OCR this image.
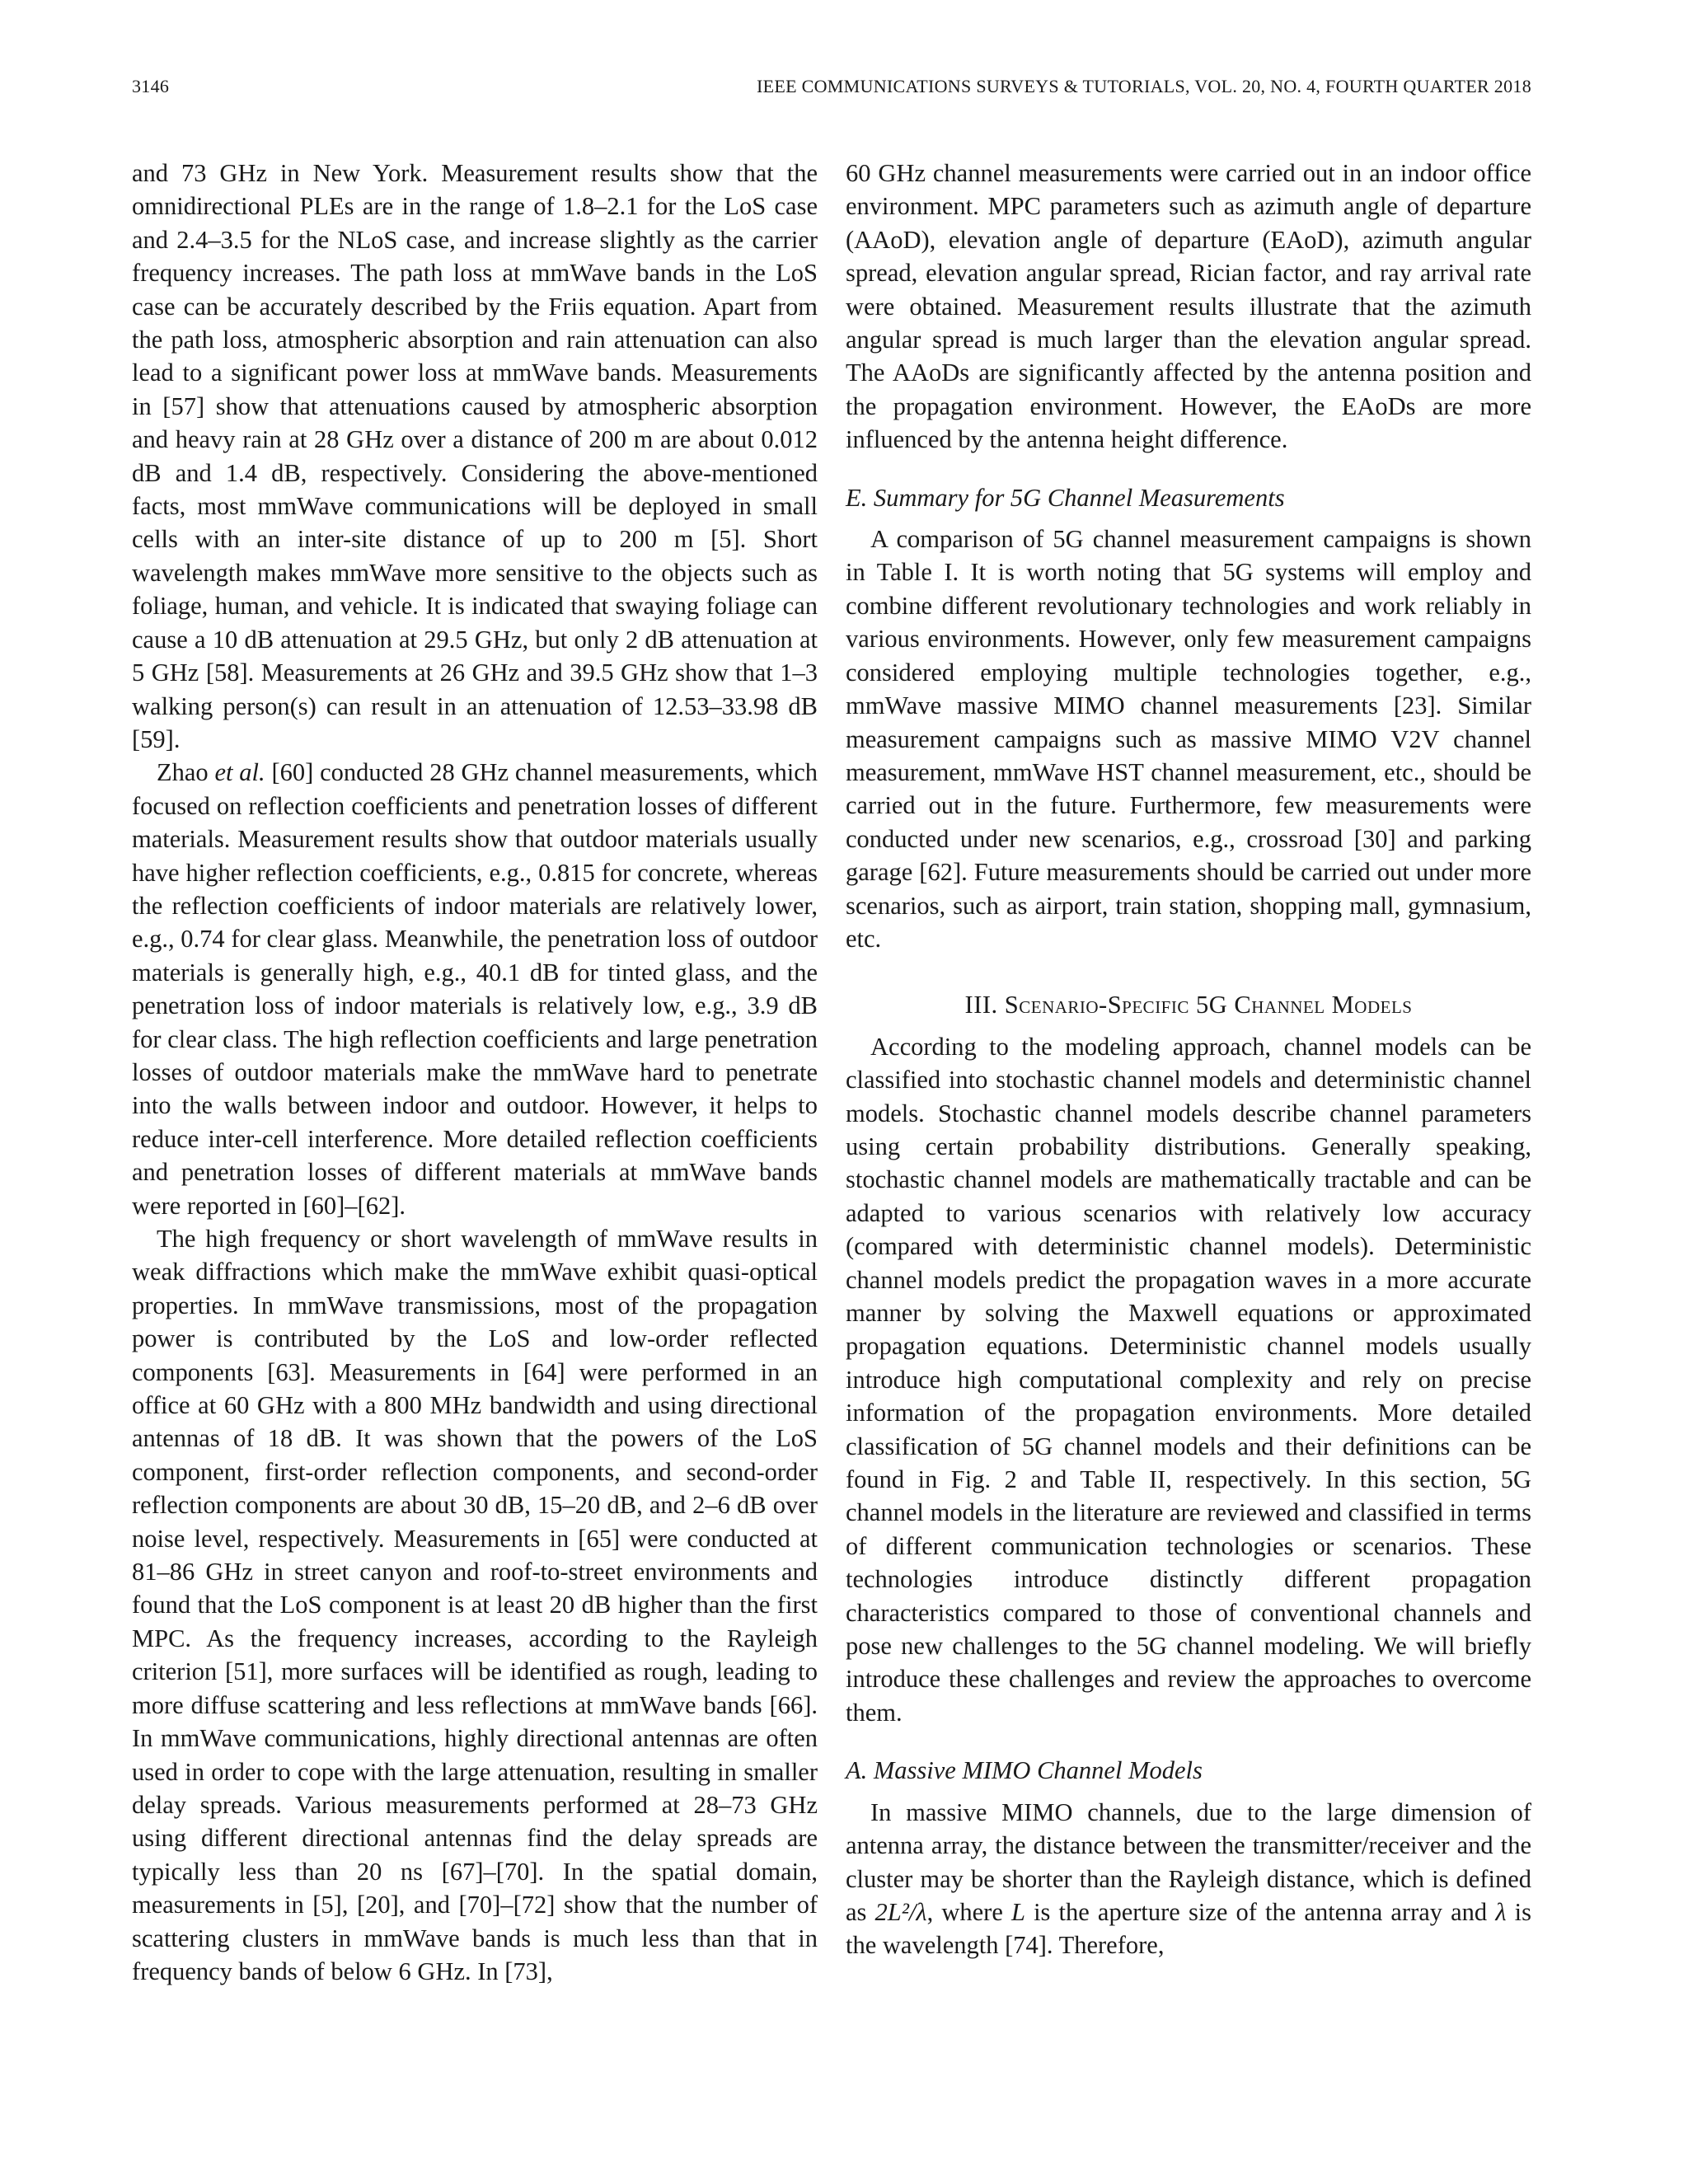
3146	IEEE COMMUNICATIONS SURVEYS & TUTORIALS, VOL. 20, NO. 4, FOURTH QUARTER 2018

and 73 GHz in New York. Measurement results show that the omnidirectional PLEs are in the range of 1.8–2.1 for the LoS case and 2.4–3.5 for the NLoS case, and increase slightly as the carrier frequency increases. The path loss at mmWave bands in the LoS case can be accurately described by the Friis equation. Apart from the path loss, atmospheric absorption and rain attenuation can also lead to a significant power loss at mmWave bands. Measurements in [57] show that attenuations caused by atmospheric absorption and heavy rain at 28 GHz over a distance of 200 m are about 0.012 dB and 1.4 dB, respectively. Considering the above-mentioned facts, most mmWave communications will be deployed in small cells with an inter-site distance of up to 200 m [5]. Short wavelength makes mmWave more sensitive to the objects such as foliage, human, and vehicle. It is indicated that swaying foliage can cause a 10 dB attenuation at 29.5 GHz, but only 2 dB attenuation at 5 GHz [58]. Measurements at 26 GHz and 39.5 GHz show that 1–3 walking person(s) can result in an attenuation of 12.53–33.98 dB [59].

Zhao et al. [60] conducted 28 GHz channel measurements, which focused on reflection coefficients and penetration losses of different materials. Measurement results show that outdoor materials usually have higher reflection coefficients, e.g., 0.815 for concrete, whereas the reflection coefficients of indoor materials are relatively lower, e.g., 0.74 for clear glass. Meanwhile, the penetration loss of outdoor materials is generally high, e.g., 40.1 dB for tinted glass, and the penetration loss of indoor materials is relatively low, e.g., 3.9 dB for clear class. The high reflection coefficients and large penetration losses of outdoor materials make the mmWave hard to penetrate into the walls between indoor and outdoor. However, it helps to reduce inter-cell interference. More detailed reflection coefficients and penetration losses of different materials at mmWave bands were reported in [60]–[62].

The high frequency or short wavelength of mmWave results in weak diffractions which make the mmWave exhibit quasi-optical properties. In mmWave transmissions, most of the propagation power is contributed by the LoS and low-order reflected components [63]. Measurements in [64] were performed in an office at 60 GHz with a 800 MHz bandwidth and using directional antennas of 18 dB. It was shown that the powers of the LoS component, first-order reflection components, and second-order reflection components are about 30 dB, 15–20 dB, and 2–6 dB over noise level, respectively. Measurements in [65] were conducted at 81–86 GHz in street canyon and roof-to-street environments and found that the LoS component is at least 20 dB higher than the first MPC. As the frequency increases, according to the Rayleigh criterion [51], more surfaces will be identified as rough, leading to more diffuse scattering and less reflections at mmWave bands [66]. In mmWave communications, highly directional antennas are often used in order to cope with the large attenuation, resulting in smaller delay spreads. Various measurements performed at 28–73 GHz using different directional antennas find the delay spreads are typically less than 20 ns [67]–[70]. In the spatial domain, measurements in [5], [20], and [70]–[72] show that the number of scattering clusters in mmWave bands is much less than that in frequency bands of below 6 GHz. In [73],

60 GHz channel measurements were carried out in an indoor office environment. MPC parameters such as azimuth angle of departure (AAoD), elevation angle of departure (EAoD), azimuth angular spread, elevation angular spread, Rician factor, and ray arrival rate were obtained. Measurement results illustrate that the azimuth angular spread is much larger than the elevation angular spread. The AAoDs are significantly affected by the antenna position and the propagation environment. However, the EAoDs are more influenced by the antenna height difference.

E. Summary for 5G Channel Measurements

A comparison of 5G channel measurement campaigns is shown in Table I. It is worth noting that 5G systems will employ and combine different revolutionary technologies and work reliably in various environments. However, only few measurement campaigns considered employing multiple technologies together, e.g., mmWave massive MIMO channel measurements [23]. Similar measurement campaigns such as massive MIMO V2V channel measurement, mmWave HST channel measurement, etc., should be carried out in the future. Furthermore, few measurements were conducted under new scenarios, e.g., crossroad [30] and parking garage [62]. Future measurements should be carried out under more scenarios, such as airport, train station, shopping mall, gymnasium, etc.

III. Scenario-Specific 5G Channel Models

According to the modeling approach, channel models can be classified into stochastic channel models and deterministic channel models. Stochastic channel models describe channel parameters using certain probability distributions. Generally speaking, stochastic channel models are mathematically tractable and can be adapted to various scenarios with relatively low accuracy (compared with deterministic channel models). Deterministic channel models predict the propagation waves in a more accurate manner by solving the Maxwell equations or approximated propagation equations. Deterministic channel models usually introduce high computational complexity and rely on precise information of the propagation environments. More detailed classification of 5G channel models and their definitions can be found in Fig. 2 and Table II, respectively. In this section, 5G channel models in the literature are reviewed and classified in terms of different communication technologies or scenarios. These technologies introduce distinctly different propagation characteristics compared to those of conventional channels and pose new challenges to the 5G channel modeling. We will briefly introduce these challenges and review the approaches to overcome them.

A. Massive MIMO Channel Models

In massive MIMO channels, due to the large dimension of antenna array, the distance between the transmitter/receiver and the cluster may be shorter than the Rayleigh distance, which is defined as 2L²/λ, where L is the aperture size of the antenna array and λ is the wavelength [74]. Therefore,
